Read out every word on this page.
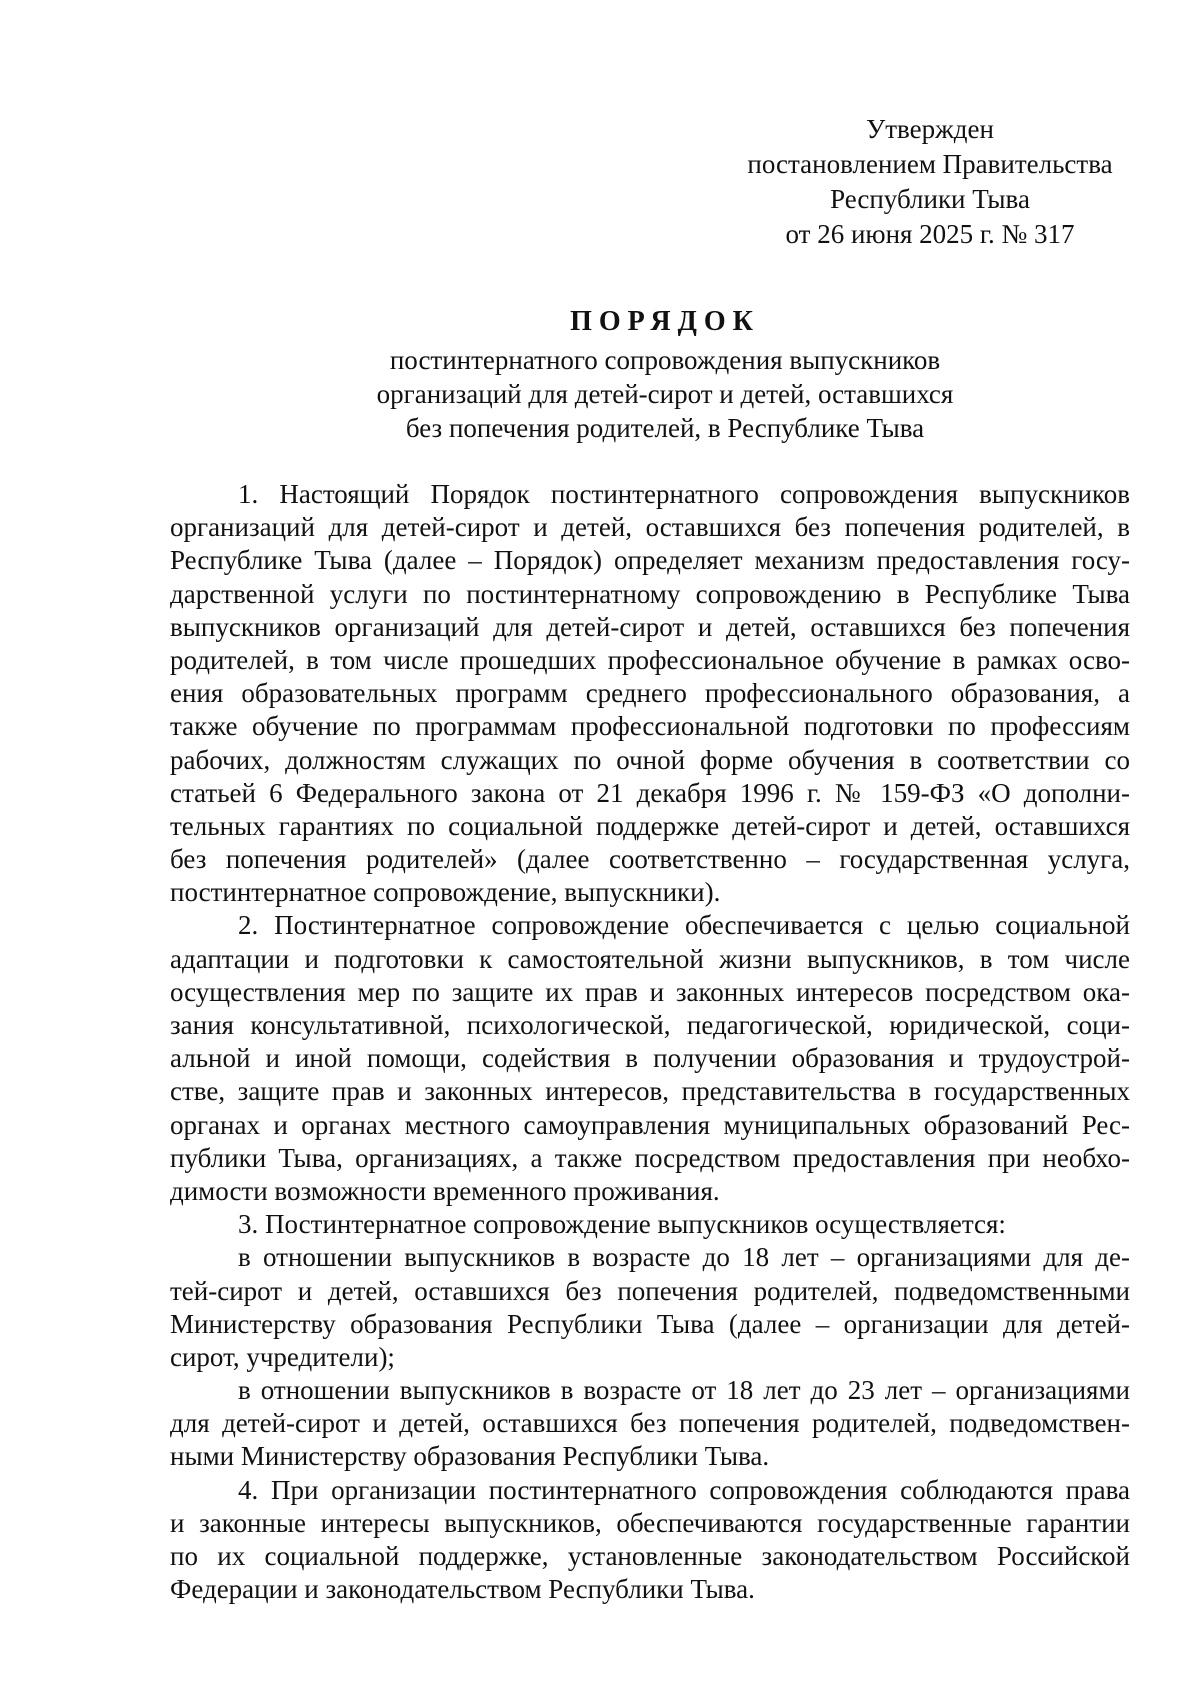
Утвержден
постановлением Правительства
Республики Тыва
от 26 июня 2025 г. № 317
ПОРЯДОК
постинтернатного сопровождения выпускников
организаций для детей-сирот и детей, оставшихся
без попечения родителей, в Республике Тыва
1. Настоящий Порядок постинтернатного сопровождения выпускников
организаций для детей-сирот и детей, оставшихся без попечения родителей, в
Республике Тыва (далее – Порядок) определяет механизм предоставления госу-
дарственной услуги по постинтернатному сопровождению в Республике Тыва
выпускников организаций для детей-сирот и детей, оставшихся без попечения
родителей, в том числе прошедших профессиональное обучение в рамках осво-
ения образовательных программ среднего профессионального образования, а
также обучение по программам профессиональной подготовки по профессиям
рабочих, должностям служащих по очной форме обучения в соответствии со
статьей 6 Федерального закона от 21 декабря 1996 г. № 159-ФЗ «О дополни-
тельных гарантиях по социальной поддержке детей-сирот и детей, оставшихся
без попечения родителей» (далее соответственно – государственная услуга,
постинтернатное сопровождение, выпускники).
2. Постинтернатное сопровождение обеспечивается с целью социальной
адаптации и подготовки к самостоятельной жизни выпускников, в том числе
осуществления мер по защите их прав и законных интересов посредством ока-
зания консультативной, психологической, педагогической, юридической, соци-
альной и иной помощи, содействия в получении образования и трудоустрой-
стве, защите прав и законных интересов, представительства в государственных
органах и органах местного самоуправления муниципальных образований Рес-
публики Тыва, организациях, а также посредством предоставления при необхо-
димости возможности временного проживания.
3. Постинтернатное сопровождение выпускников осуществляется:
в отношении выпускников в возрасте до 18 лет – организациями для де-
тей-сирот и детей, оставшихся без попечения родителей, подведомственными
Министерству образования Республики Тыва (далее – организации для детей-
сирот, учредители);
в отношении выпускников в возрасте от 18 лет до 23 лет – организациями
для детей-сирот и детей, оставшихся без попечения родителей, подведомствен-
ными Министерству образования Республики Тыва.
4. При организации постинтернатного сопровождения соблюдаются права
и законные интересы выпускников, обеспечиваются государственные гарантии
по их социальной поддержке, установленные законодательством Российской
Федерации и законодательством Республики Тыва.
